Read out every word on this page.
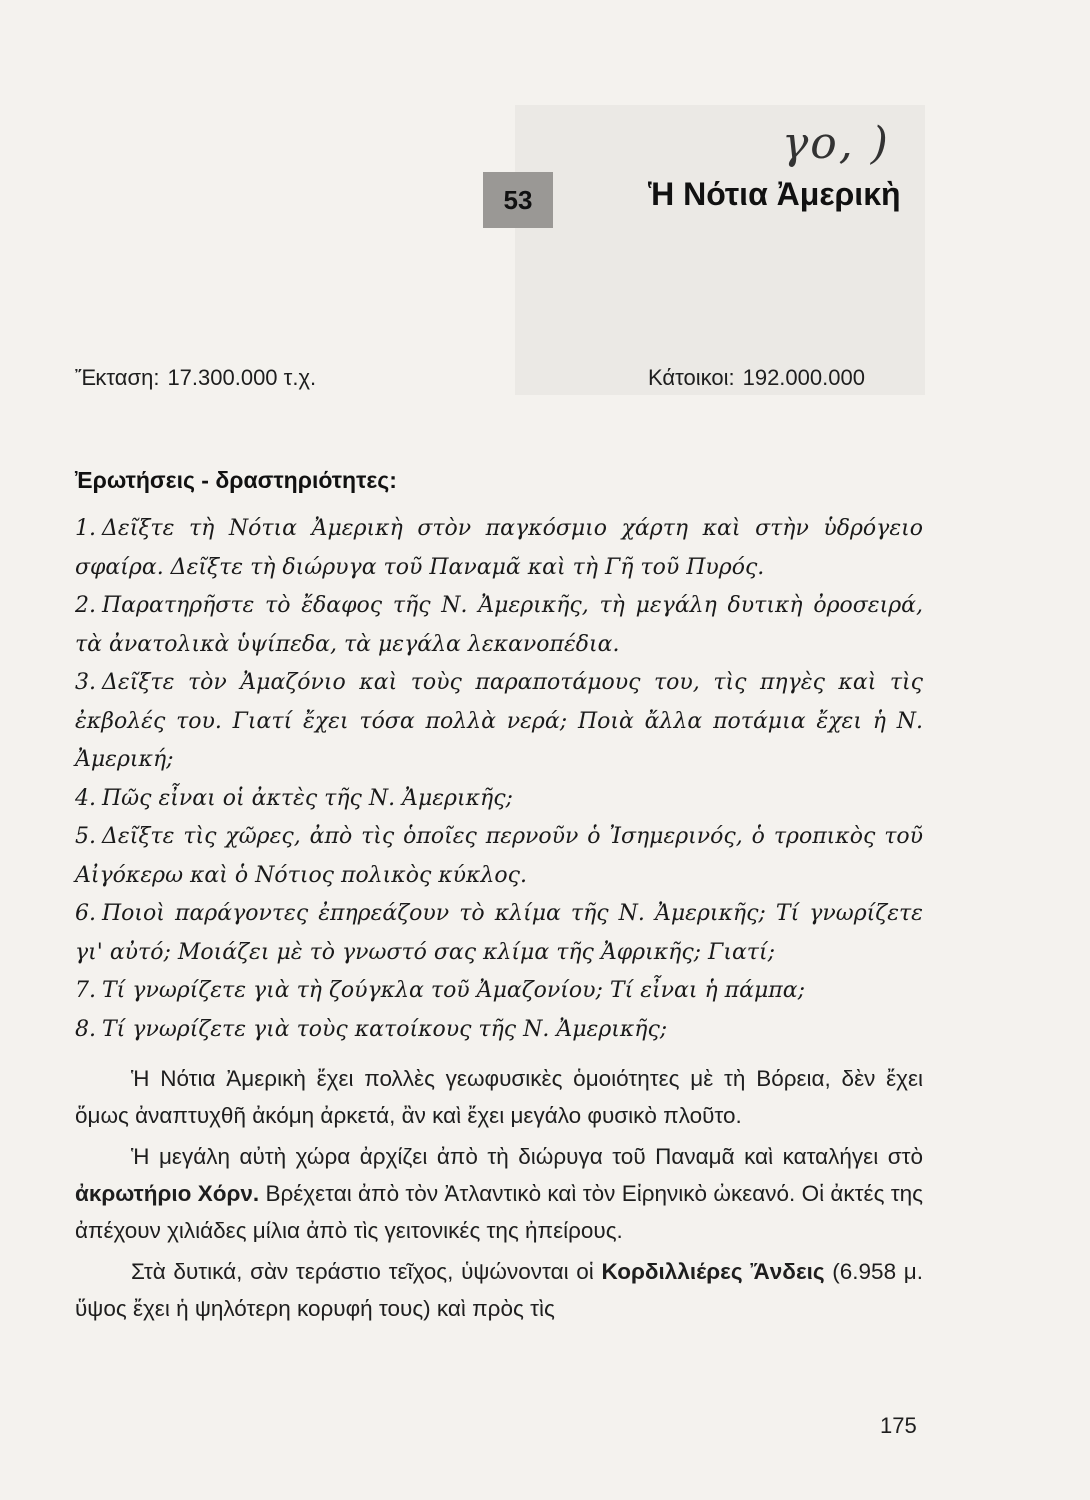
γο, )
53	Ἡ Νότια Ἀμερικὴ
Ἔκταση: 17.300.000 τ.χ.	Κάτοικοι: 192.000.000
Ἐρωτήσεις - δραστηριότητες:
1. Δεῖξτε τὴ Νότια Ἀμερικὴ στὸν παγκόσμιο χάρτη καὶ στὴν ὑδρόγειο σφαίρα. Δεῖξτε τὴ διώρυγα τοῦ Παναμᾶ καὶ τὴ Γῆ τοῦ Πυρός.
2. Παρατηρῆστε τὸ ἔδαφος τῆς Ν. Ἀμερικῆς, τὴ μεγάλη δυτικὴ ὀροσειρά, τὰ ἀνατολικὰ ὑψίπεδα, τὰ μεγάλα λεκανοπέδια.
3. Δεῖξτε τὸν Ἀμαζόνιο καὶ τοὺς παραποτάμους του, τὶς πηγὲς καὶ τὶς ἐκβολές του. Γιατί ἔχει τόσα πολλὰ νερά; Ποιὰ ἄλλα ποτάμια ἔχει ἡ Ν. Ἀμερική;
4. Πῶς εἶναι οἱ ἀκτὲς τῆς Ν. Ἀμερικῆς;
5. Δεῖξτε τὶς χῶρες, ἀπὸ τὶς ὁποῖες περνοῦν ὁ Ἰσημερινός, ὁ τροπικὸς τοῦ Αἰγόκερω καὶ ὁ Νότιος πολικὸς κύκλος.
6. Ποιοὶ παράγοντες ἐπηρεάζουν τὸ κλίμα τῆς Ν. Ἀμερικῆς; Τί γνωρίζετε γι' αὐτό; Μοιάζει μὲ τὸ γνωστό σας κλίμα τῆς Ἀφρικῆς; Γιατί;
7. Τί γνωρίζετε γιὰ τὴ ζούγκλα τοῦ Ἀμαζονίου; Τί εἶναι ἡ πάμπα;
8. Τί γνωρίζετε γιὰ τοὺς κατοίκους τῆς Ν. Ἀμερικῆς;

Ἡ Νότια Ἀμερικὴ ἔχει πολλὲς γεωφυσικὲς ὁμοιότητες μὲ τὴ Βόρεια, δὲν ἔχει ὅμως ἀναπτυχθῆ ἀκόμη ἀρκετά, ἂν καὶ ἔχει μεγάλο φυσικὸ πλοῦτο.

Ἡ μεγάλη αὐτὴ χώρα ἀρχίζει ἀπὸ τὴ διώρυγα τοῦ Παναμᾶ καὶ καταλήγει στὸ ἀκρωτήριο Χόρν. Βρέχεται ἀπὸ τὸν Ἀτλαντικὸ καὶ τὸν Εἰρηνικὸ ὠκεανό. Οἱ ἀκτές της ἀπέχουν χιλιάδες μίλια ἀπὸ τὶς γειτονικές της ἠπείρους.

Στὰ δυτικά, σὰν τεράστιο τεῖχος, ὑψώνονται οἱ Κορδιλλιέρες Ἄνδεις (6.958 μ. ὕψος ἔχει ἡ ψηλότερη κορυφή τους) καὶ πρὸς τὶς

175
